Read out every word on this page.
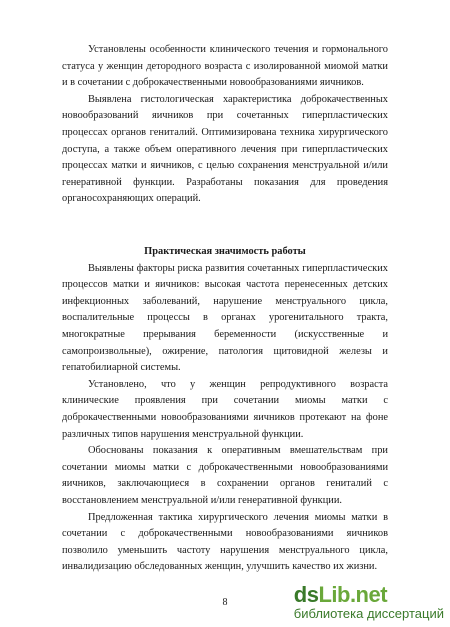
Установлены особенности клинического течения и гормонального статуса у женщин детородного возраста с изолированной миомой матки и в сочетании с доброкачественными новообразованиями яичников.

Выявлена гистологическая характеристика доброкачественных новообразований яичников при сочетанных гиперпластических процессах органов гениталий. Оптимизирована техника хирургического доступа, а также объем оперативного лечения при гиперпластических процессах матки и яичников, с целью сохранения менструальной и/или генеративной функции. Разработаны показания для проведения органосохраняющих операций.

Практическая значимость работы

Выявлены факторы риска развития сочетанных гиперпластических процессов матки и яичников: высокая частота перенесенных детских инфекционных заболеваний, нарушение менструального цикла, воспалительные процессы в органах урогенитального тракта, многократные прерывания беременности (искусственные и самопроизвольные), ожирение, патология щитовидной железы и гепатобилиарной системы.

Установлено, что у женщин репродуктивного возраста клинические проявления при сочетании миомы матки с доброкачественными новообразованиями яичников протекают на фоне различных типов нарушения менструальной функции.

Обоснованы показания к оперативным вмешательствам при сочетании миомы матки с доброкачественными новообразованиями яичников, заключающиеся в сохранении органов гениталий с восстановлением менструальной и/или генеративной функции.

Предложенная тактика хирургического лечения миомы матки в сочетании с доброкачественными новообразованиями яичников позволило уменьшить частоту нарушения менструального цикла, инвалидизацию обследованных женщин, улучшить качество их жизни.

8	dsLib.net
библиотека диссертаций
